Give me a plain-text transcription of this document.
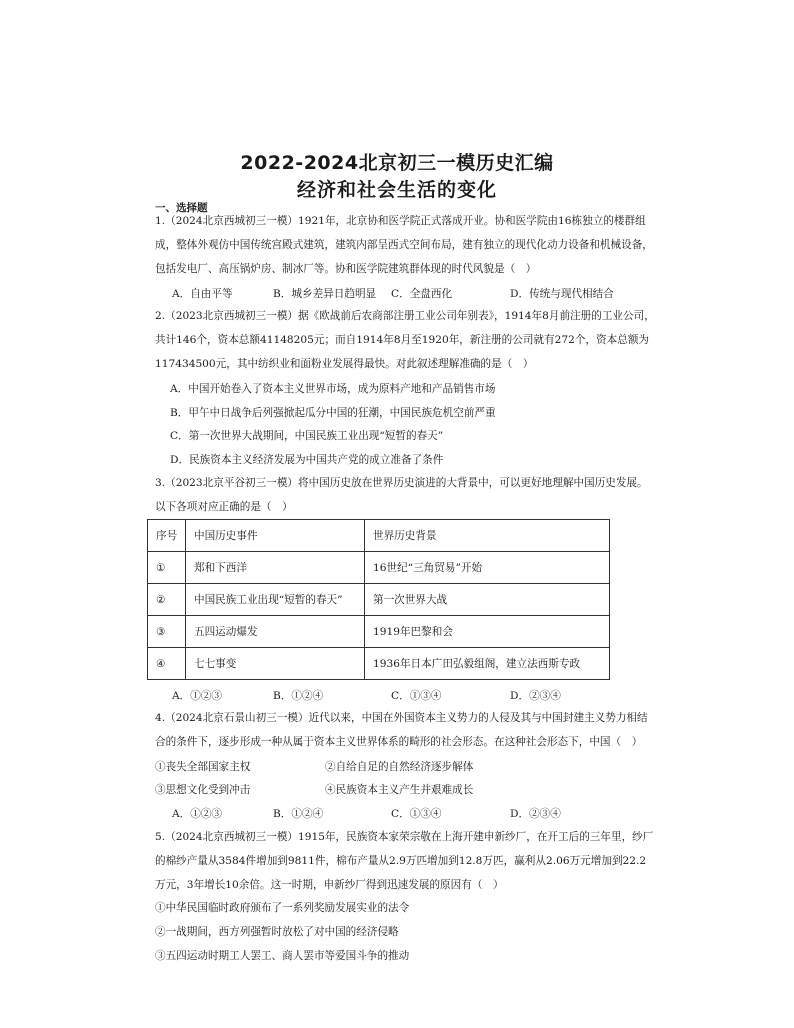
2022-2024北京初三一模历史汇编
经济和社会生活的变化
一、选择题
1.（2024北京西城初三一模）1921年，北京协和医学院正式落成开业。协和医学院由16栋独立的楼群组
成，整体外观仿中国传统宫殿式建筑，建筑内部呈西式空间布局，建有独立的现代化动力设备和机械设备，
包括发电厂、高压锅炉房、制冰厂等。协和医学院建筑群体现的时代风貌是（　）
A．自由平等	B．城乡差异日趋明显 C．全盘西化	D．传统与现代相结合
2.（2023北京西城初三一模）据《欧战前后农商部注册工业公司年别表》，1914年8月前注册的工业公司，
共计146个，资本总额41148205元；而自1914年8月至1920年，新注册的公司就有272个，资本总额为
117434500元，其中纺织业和面粉业发展得最快。对此叙述理解准确的是（　）
A．中国开始卷入了资本主义世界市场，成为原料产地和产品销售市场
B．甲午中日战争后列强掀起瓜分中国的狂潮，中国民族危机空前严重
C．第一次世界大战期间，中国民族工业出现“短暂的春天”
D．民族资本主义经济发展为中国共产党的成立准备了条件
3.（2023北京平谷初三一模）将中国历史放在世界历史演进的大背景中，可以更好地理解中国历史发展。
以下各项对应正确的是（　）
序号	中国历史事件	世界历史背景
①	郑和下西洋	16世纪“三角贸易”开始
②	中国民族工业出现“短暂的春天”	第一次世界大战
③	五四运动爆发	1919年巴黎和会
④	七七事变	1936年日本广田弘毅组阁，建立法西斯专政
A．①②③	B．①②④	C．①③④	D．②③④
4.（2024北京石景山初三一模）近代以来，中国在外国资本主义势力的人侵及其与中国封建主义势力相结
合的条件下，逐步形成一种从属于资本主义世界体系的畸形的社会形态。在这种社会形态下，中国（　）
①丧失全部国家主权	②自给自足的自然经济逐步解体
③思想文化受到冲击	④民族资本主义产生并艰难成长
A．①②③	B．①②④	C．①③④	D．②③④
5.（2024北京西城初三一模）1915年，民族资本家荣宗敬在上海开建申新纱厂，在开工后的三年里，纱厂
的棉纱产量从3584件增加到9811件，棉布产量从2.9万匹增加到12.8万匹，赢利从2.06万元增加到22.2
万元，3年增长10余倍。这一时期，申新纱厂得到迅速发展的原因有（　）
①中华民国临时政府颁布了一系列奖励发展实业的法令
②一战期间，西方列强暂时放松了对中国的经济侵略
③五四运动时期工人罢工、商人罢市等爱国斗争的推动
